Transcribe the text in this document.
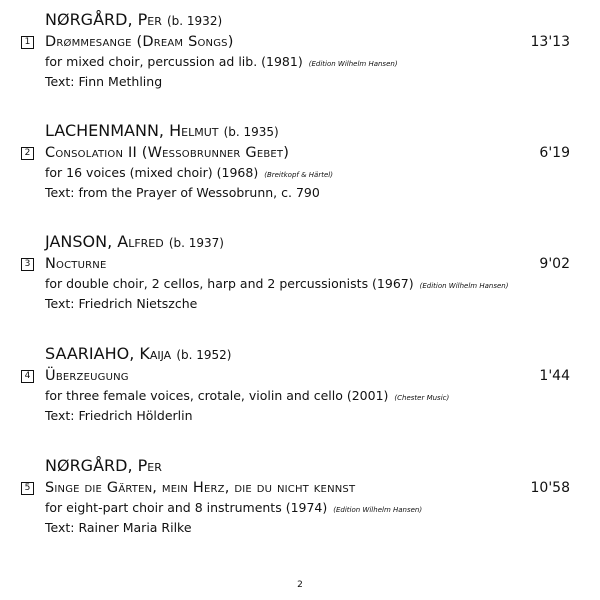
NØRGÅRD, Per (b. 1932)
1 Drømmesange (Dream Songs)	13'13
for mixed choir, percussion ad lib. (1981) (Edition Wilhelm Hansen)
Text: Finn Methling
LACHENMANN, Helmut (b. 1935)
2 Consolation II (Wessobrunner Gebet)	6'19
for 16 voices (mixed choir) (1968) (Breitkopf & Härtel)
Text: from the Prayer of Wessobrunn, c. 790
JANSON, Alfred (b. 1937)
3 Nocturne	9'02
for double choir, 2 cellos, harp and 2 percussionists (1967) (Edition Wilhelm Hansen)
Text: Friedrich Nietszche
SAARIAHO, Kaija (b. 1952)
4 Überzeugung	1'44
for three female voices, crotale, violin and cello (2001) (Chester Music)
Text: Friedrich Hölderlin
NØRGÅRD, Per
5 Singe die Gärten, mein Herz, die du nicht kennst	10'58
for eight-part choir and 8 instruments (1974) (Edition Wilhelm Hansen)
Text: Rainer Maria Rilke
2
